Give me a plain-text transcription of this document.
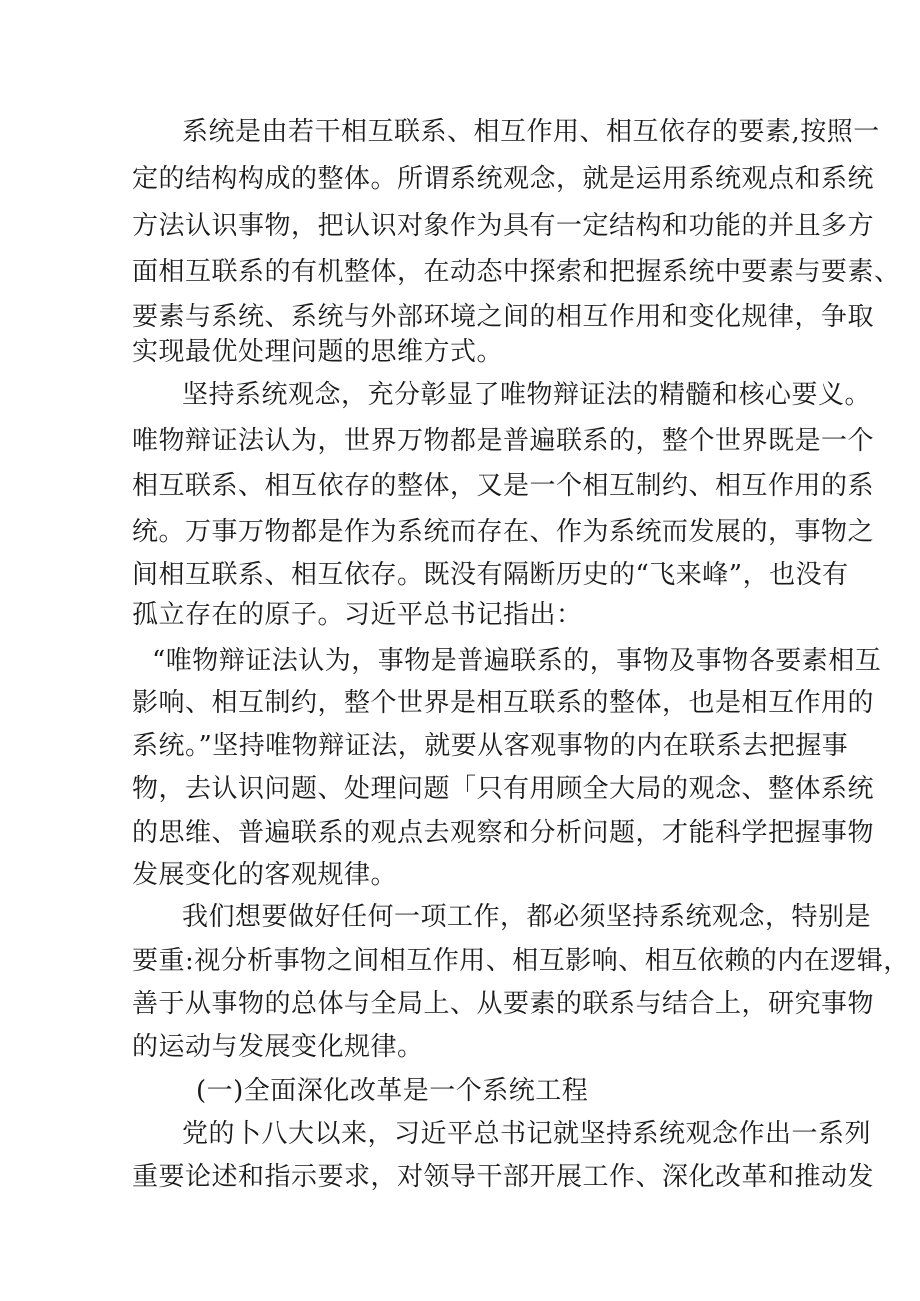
系统是由若干相互联系、相互作用、相互依存的要素,按照一
定的结构构成的整体。所谓系统观念，就是运用系统观点和系统
方法认识事物，把认识对象作为具有一定结构和功能的并且多方
面相互联系的有机整体，在动态中探索和把握系统中要素与要素、
要素与系统、系统与外部环境之间的相互作用和变化规律，争取
实现最优处理问题的思维方式。
坚持系统观念，充分彰显了唯物辩证法的精髓和核心要义。
唯物辩证法认为，世界万物都是普遍联系的，整个世界既是一个
相互联系、相互依存的整体，又是一个相互制约、相互作用的系
统。万事万物都是作为系统而存在、作为系统而发展的，事物之
间相互联系、相互依存。既没有隔断历史的“飞来峰”，也没有
孤立存在的原子。习近平总书记指出：
“唯物辩证法认为，事物是普遍联系的，事物及事物各要素相互
影响、相互制约，整个世界是相互联系的整体，也是相互作用的
系统。”坚持唯物辩证法，就要从客观事物的内在联系去把握事
物，去认识问题、处理问题「只有用顾全大局的观念、整体系统
的思维、普遍联系的观点去观察和分析问题，才能科学把握事物
发展变化的客观规律。
我们想要做好任何一项工作，都必须坚持系统观念，特别是
要重:视分析事物之间相互作用、相互影响、相互依赖的内在逻辑，
善于从事物的总体与全局上、从要素的联系与结合上，研究事物
的运动与发展变化规律。
(一)全面深化改革是一个系统工程
党的卜八大以来，习近平总书记就坚持系统观念作出一系列
重要论述和指示要求，对领导干部开展工作、深化改革和推动发
